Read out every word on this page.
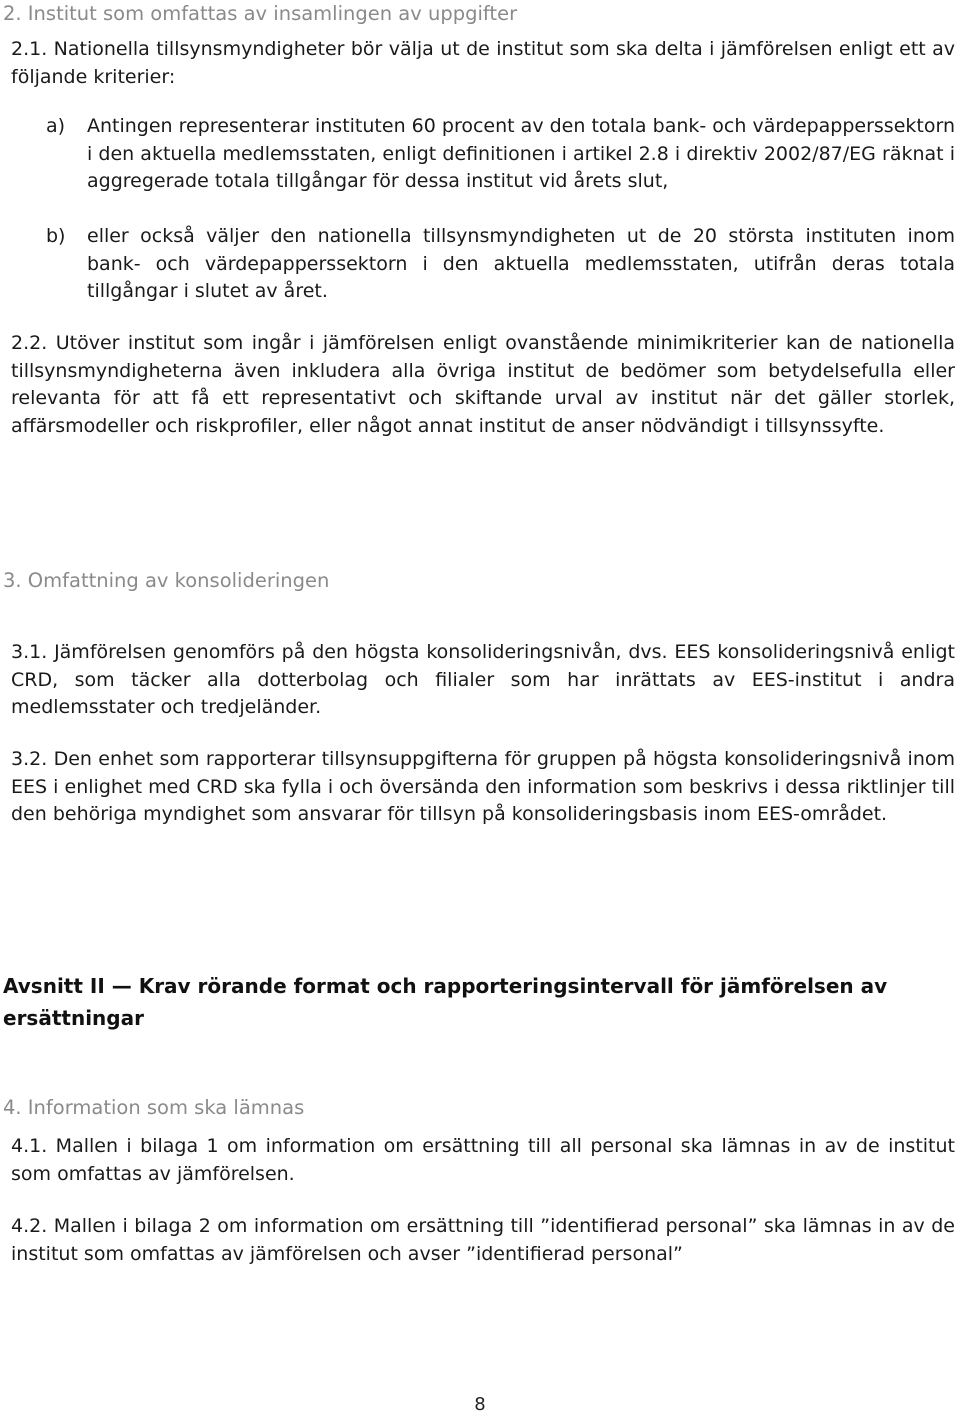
2. Institut som omfattas av insamlingen av uppgifter
2.1. Nationella tillsynsmyndigheter bör välja ut de institut som ska delta i jämförelsen enligt ett av följande kriterier:
a) Antingen representerar instituten 60 procent av den totala bank- och värdepapperssektorn i den aktuella medlemsstaten, enligt definitionen i artikel 2.8 i direktiv 2002/87/EG räknat i aggregerade totala tillgångar för dessa institut vid årets slut,
b) eller också väljer den nationella tillsynsmyndigheten ut de 20 största instituten inom bank- och värdepapperssektorn i den aktuella medlemsstaten, utifrån deras totala tillgångar i slutet av året.
2.2. Utöver institut som ingår i jämförelsen enligt ovanstående minimikriterier kan de nationella tillsynsmyndigheterna även inkludera alla övriga institut de bedömer som betydelsefulla eller relevanta för att få ett representativt och skiftande urval av institut när det gäller storlek, affärsmodeller och riskprofiler, eller något annat institut de anser nödvändigt i tillsynssyfte.
3. Omfattning av konsolideringen
3.1. Jämförelsen genomförs på den högsta konsolideringsnivån, dvs. EES konsolideringsnivå enligt CRD, som täcker alla dotterbolag och filialer som har inrättats av EES-institut i andra medlemsstater och tredjeländer.
3.2. Den enhet som rapporterar tillsynsuppgifterna för gruppen på högsta konsolideringsnivå inom EES i enlighet med CRD ska fylla i och översända den information som beskrivs i dessa riktlinjer till den behöriga myndighet som ansvarar för tillsyn på konsolideringsbasis inom EES-området.
Avsnitt II — Krav rörande format och rapporteringsintervall för jämförelsen av ersättningar
4. Information som ska lämnas
4.1. Mallen i bilaga 1 om information om ersättning till all personal ska lämnas in av de institut som omfattas av jämförelsen.
4.2. Mallen i bilaga 2 om information om ersättning till ”identifierad personal” ska lämnas in av de institut som omfattas av jämförelsen och avser ”identifierad personal”
8
